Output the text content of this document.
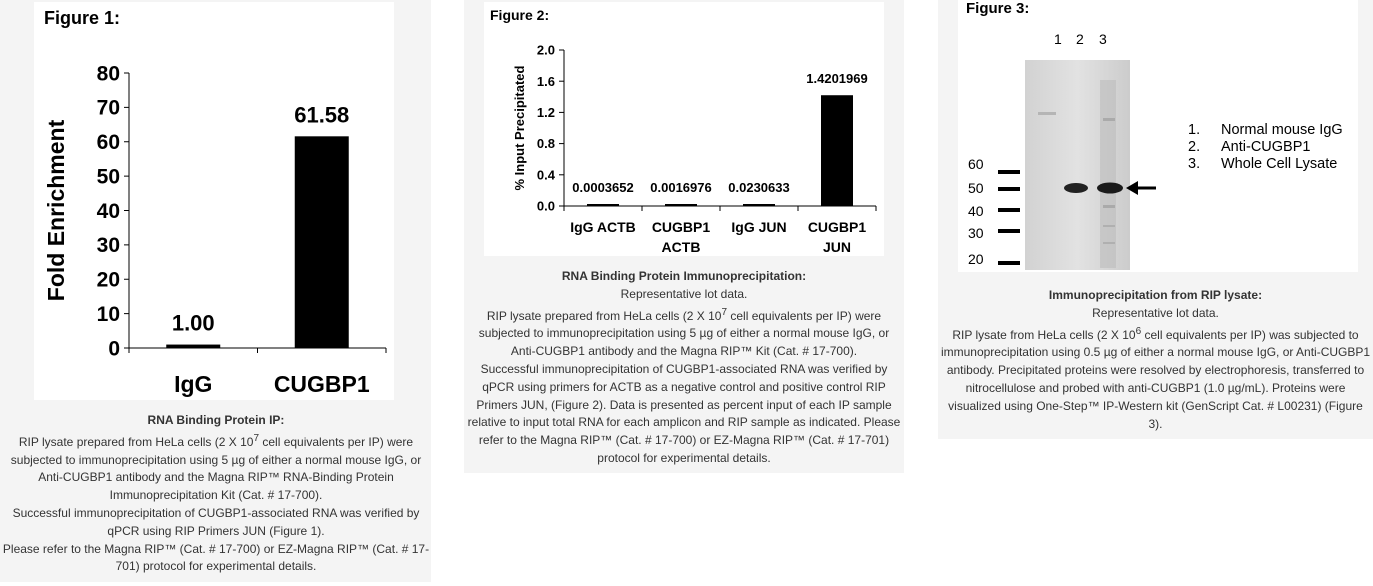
Figure 1:
0
10
20
30
40
50
60
70
80
1.00
IgG
61.58
CUGBP1
Fold Enrichment

RNA Binding Protein IP:

RIP lysate prepared from HeLa cells (2 X $10^7$ cell equivalents per IP) were subjected to immunoprecipitation using 5 µg of either a normal mouse IgG, or Anti-CUGBP1 antibody and the Magna RIP™ RNA-Binding Protein Immunoprecipitation Kit (Cat. # 17-700).

Successful immunoprecipitation of CUGBP1-associated RNA was verified by qPCR using RIP Primers JUN (Figure 1).

Please refer to the Magna RIP™ (Cat. # 17-700) or EZ-Magna RIP™ (Cat. # 17-701) protocol for experimental details.

Figure 2:
0.0
0.4
0.8
1.2
1.6
2.0
0.0003652
IgG ACTB
0.0016976
CUGBP1
ACTB
0.0230633
IgG JUN
1.4201969
CUGBP1
JUN
% Input Precipitated

RNA Binding Protein Immunoprecipitation:

Representative lot data.

RIP lysate prepared from HeLa cells (2 X $10^7$ cell equivalents per IP) were subjected to immunoprecipitation using 5 µg of either a normal mouse IgG, or Anti-CUGBP1 antibody and the Magna RIP™ Kit (Cat. # 17-700).

Successful immunoprecipitation of CUGBP1-associated RNA was verified by qPCR using primers for ACTB as a negative control and positive control RIP Primers JUN, (Figure 2). Data is presented as percent input of each IP sample relative to input total RNA for each amplicon and RIP sample as indicated. Please refer to the Magna RIP™ (Cat. # 17-700) or EZ-Magna RIP™ (Cat. # 17-701) protocol for experimental details.

Figure 3:
1 2 3
60
50
40
30
20
1. Normal mouse IgG
2. Anti-CUGBP1
3. Whole Cell Lysate

Immunoprecipitation from RIP lysate:

Representative lot data.

RIP lysate from HeLa cells (2 X $10^6$ cell equivalents per IP) was subjected to immunoprecipitation using 0.5 µg of either a normal mouse IgG, or Anti-CUGBP1 antibody. Precipitated proteins were resolved by electrophoresis, transferred to nitrocellulose and probed with anti-CUGBP1 (1.0 µg/mL). Proteins were visualized using One-Step™ IP-Western kit (GenScript Cat. # L00231) (Figure 3).
